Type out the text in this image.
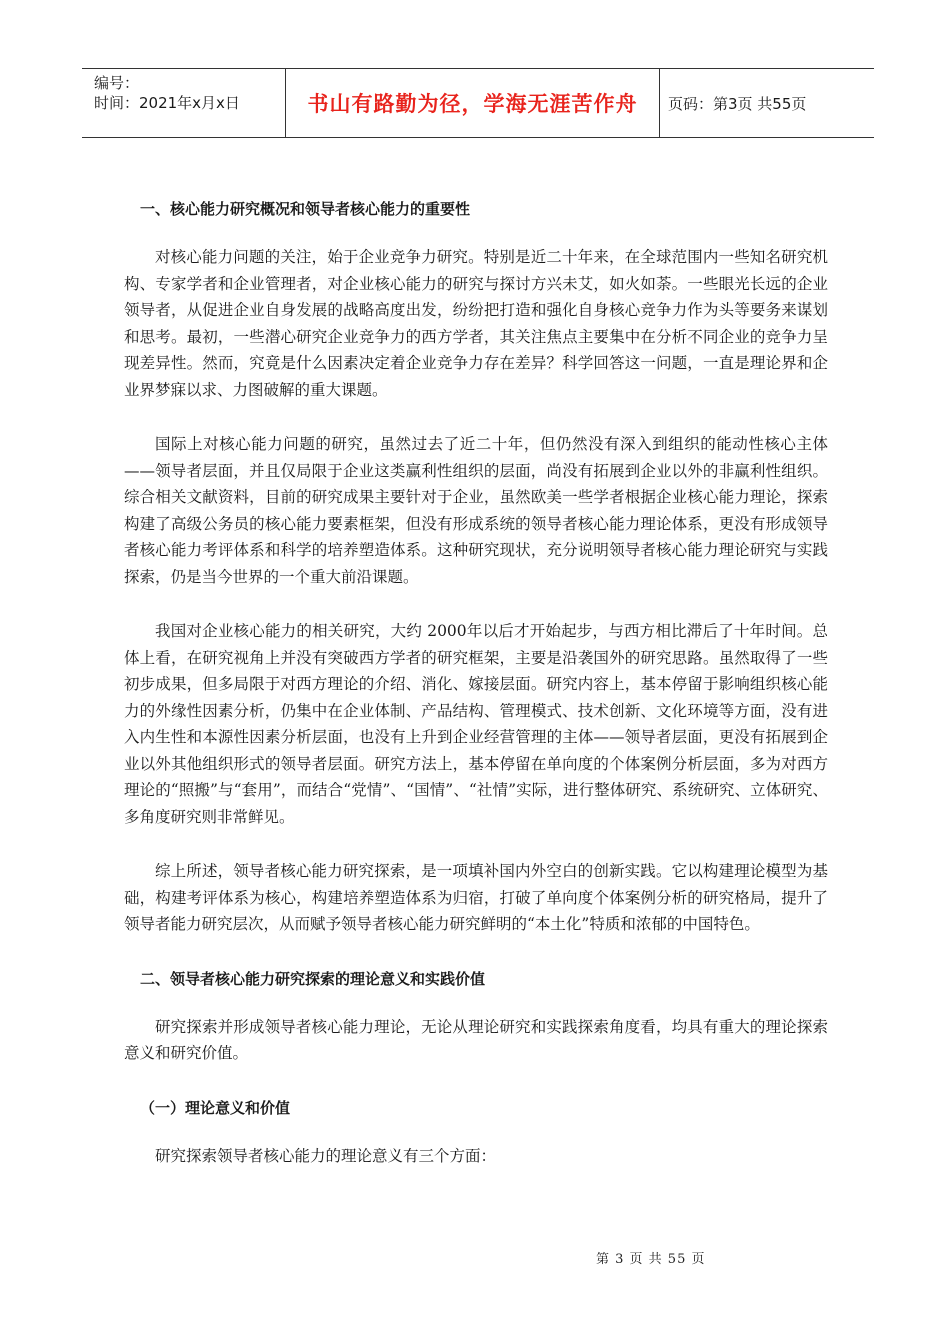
编号：
时间：2021年x月x日	书山有路勤为径，学海无涯苦作舟	页码：第3页 共55页
一、核心能力研究概况和领导者核心能力的重要性

对核心能力问题的关注，始于企业竞争力研究。特别是近二十年来，在全球范围内一些知名研究机构、专家学者和企业管理者，对企业核心能力的研究与探讨方兴未艾，如火如荼。一些眼光长远的企业领导者，从促进企业自身发展的战略高度出发，纷纷把打造和强化自身核心竞争力作为头等要务来谋划和思考。最初，一些潜心研究企业竞争力的西方学者，其关注焦点主要集中在分析不同企业的竞争力呈现差异性。然而，究竟是什么因素决定着企业竞争力存在差异？科学回答这一问题，一直是理论界和企业界梦寐以求、力图破解的重大课题。

国际上对核心能力问题的研究，虽然过去了近二十年，但仍然没有深入到组织的能动性核心主体——领导者层面，并且仅局限于企业这类赢利性组织的层面，尚没有拓展到企业以外的非赢利性组织。综合相关文献资料，目前的研究成果主要针对于企业，虽然欧美一些学者根据企业核心能力理论，探索构建了高级公务员的核心能力要素框架，但没有形成系统的领导者核心能力理论体系，更没有形成领导者核心能力考评体系和科学的培养塑造体系。这种研究现状，充分说明领导者核心能力理论研究与实践探索，仍是当今世界的一个重大前沿课题。

我国对企业核心能力的相关研究，大约 2000年以后才开始起步，与西方相比滞后了十年时间。总体上看，在研究视角上并没有突破西方学者的研究框架，主要是沿袭国外的研究思路。虽然取得了一些初步成果，但多局限于对西方理论的介绍、消化、嫁接层面。研究内容上，基本停留于影响组织核心能力的外缘性因素分析，仍集中在企业体制、产品结构、管理模式、技术创新、文化环境等方面，没有进入内生性和本源性因素分析层面，也没有上升到企业经营管理的主体——领导者层面，更没有拓展到企业以外其他组织形式的领导者层面。研究方法上，基本停留在单向度的个体案例分析层面，多为对西方理论的“照搬”与“套用”，而结合“党情”、“国情”、“社情”实际，进行整体研究、系统研究、立体研究、多角度研究则非常鲜见。

综上所述，领导者核心能力研究探索，是一项填补国内外空白的创新实践。它以构建理论模型为基础，构建考评体系为核心，构建培养塑造体系为归宿，打破了单向度个体案例分析的研究格局，提升了领导者能力研究层次，从而赋予领导者核心能力研究鲜明的“本土化”特质和浓郁的中国特色。

二、领导者核心能力研究探索的理论意义和实践价值

研究探索并形成领导者核心能力理论，无论从理论研究和实践探索角度看，均具有重大的理论探索意义和研究价值。

（一）理论意义和价值

研究探索领导者核心能力的理论意义有三个方面：

第 3 页 共 55 页
